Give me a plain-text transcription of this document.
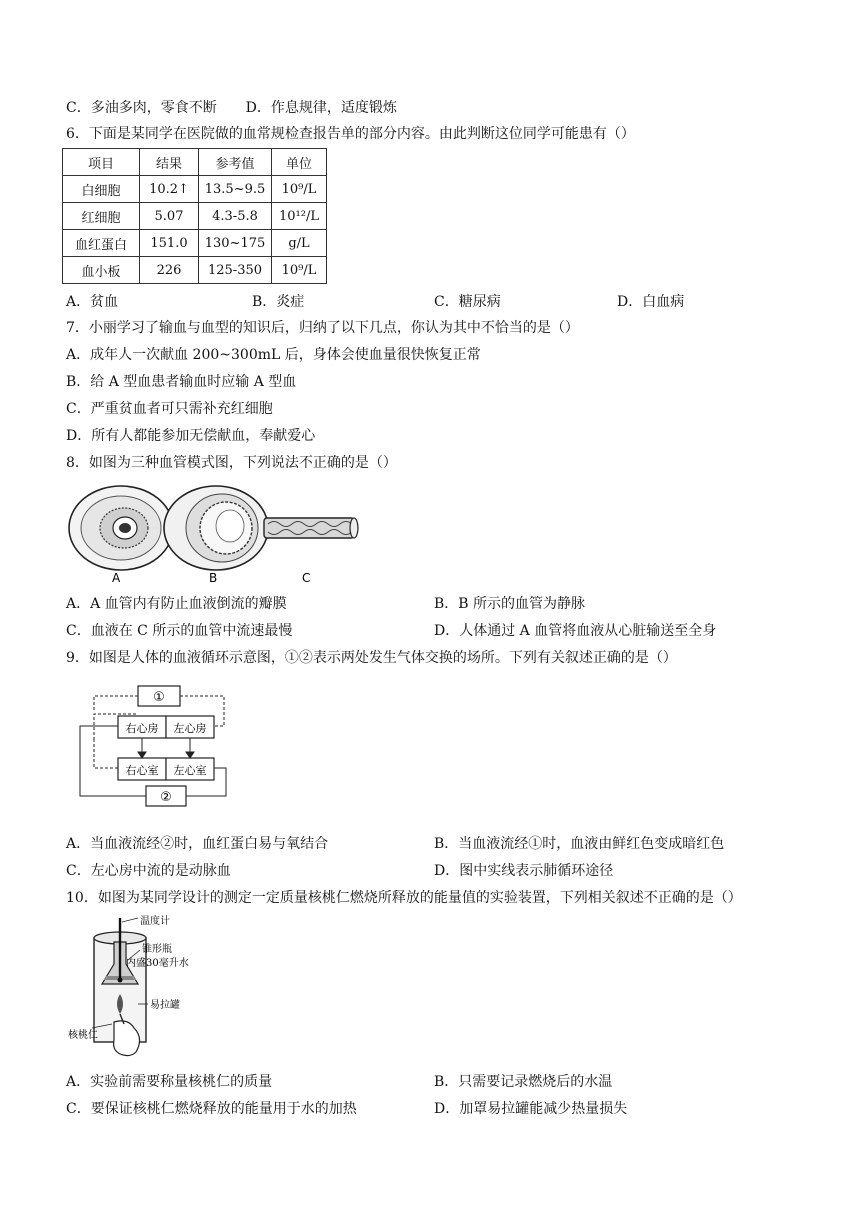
C．多油多肉，零食不断 D．作息规律，适度锻炼
6．下面是某同学在医院做的血常规检查报告单的部分内容。由此判断这位同学可能患有（）
项目	结果	参考值	单位
白细胞	10.2↑	13.5~9.5	10⁹/L
红细胞	5.07	4.3-5.8	10¹²/L
血红蛋白	151.0	130~175	g/L
血小板	226	125-350	10⁹/L
A．贫血	B．炎症	C．糖尿病	D．白血病
7．小丽学习了输血与血型的知识后，归纳了以下几点，你认为其中不恰当的是（）
A．成年人一次献血 200~300mL 后，身体会使血量很快恢复正常
B．给 A 型血患者输血时应输 A 型血
C．严重贫血者可只需补充红细胞
D．所有人都能参加无偿献血，奉献爱心
8．如图为三种血管模式图，下列说法不正确的是（）
A	B	C
A．A 血管内有防止血液倒流的瓣膜	B．B 所示的血管为静脉
C．血液在 C 所示的血管中流速最慢	D．人体通过 A 血管将血液从心脏输送至全身
9．如图是人体的血液循环示意图，①②表示两处发生气体交换的场所。下列有关叙述正确的是（）
①
右心房 左心房
右心室 左心室
②
A．当血液流经②时，血红蛋白易与氧结合	B．当血液流经①时，血液由鲜红色变成暗红色
C．左心房中流的是动脉血	D．图中实线表示肺循环途径
10．如图为某同学设计的测定一定质量核桃仁燃烧所释放的能量值的实验装置，下列相关叙述不正确的是（）
温度计
锥形瓶
内盛30毫升水
易拉罐
核桃仁
A．实验前需要称量核桃仁的质量	B．只需要记录燃烧后的水温
C．要保证核桃仁燃烧释放的能量用于水的加热	D．加罩易拉罐能减少热量损失
